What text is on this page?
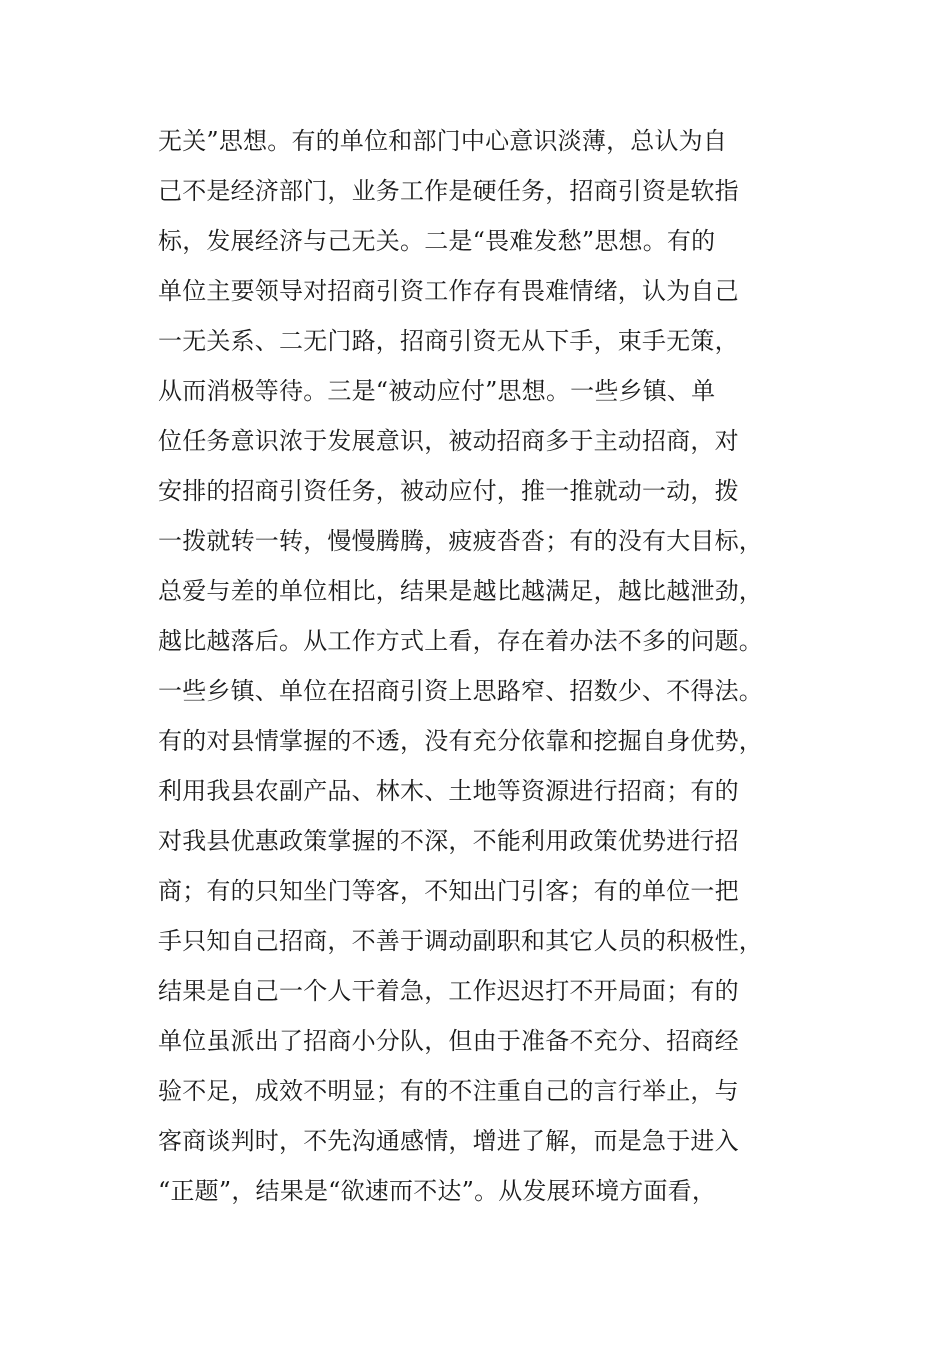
无关”思想。有的单位和部门中心意识淡薄，总认为自
己不是经济部门，业务工作是硬任务，招商引资是软指
标，发展经济与己无关。二是“畏难发愁”思想。有的
单位主要领导对招商引资工作存有畏难情绪，认为自己
一无关系、二无门路，招商引资无从下手，束手无策，
从而消极等待。三是“被动应付”思想。一些乡镇、单
位任务意识浓于发展意识，被动招商多于主动招商，对
安排的招商引资任务，被动应付，推一推就动一动，拨
一拨就转一转，慢慢腾腾，疲疲沓沓；有的没有大目标，
总爱与差的单位相比，结果是越比越满足，越比越泄劲，
越比越落后。从工作方式上看，存在着办法不多的问题。
一些乡镇、单位在招商引资上思路窄、招数少、不得法。
有的对县情掌握的不透，没有充分依靠和挖掘自身优势，
利用我县农副产品、林木、土地等资源进行招商；有的
对我县优惠政策掌握的不深，不能利用政策优势进行招
商；有的只知坐门等客，不知出门引客；有的单位一把
手只知自己招商，不善于调动副职和其它人员的积极性，
结果是自己一个人干着急，工作迟迟打不开局面；有的
单位虽派出了招商小分队，但由于准备不充分、招商经
验不足，成效不明显；有的不注重自己的言行举止，与
客商谈判时，不先沟通感情，增进了解，而是急于进入
“正题”，结果是“欲速而不达”。从发展环境方面看，
